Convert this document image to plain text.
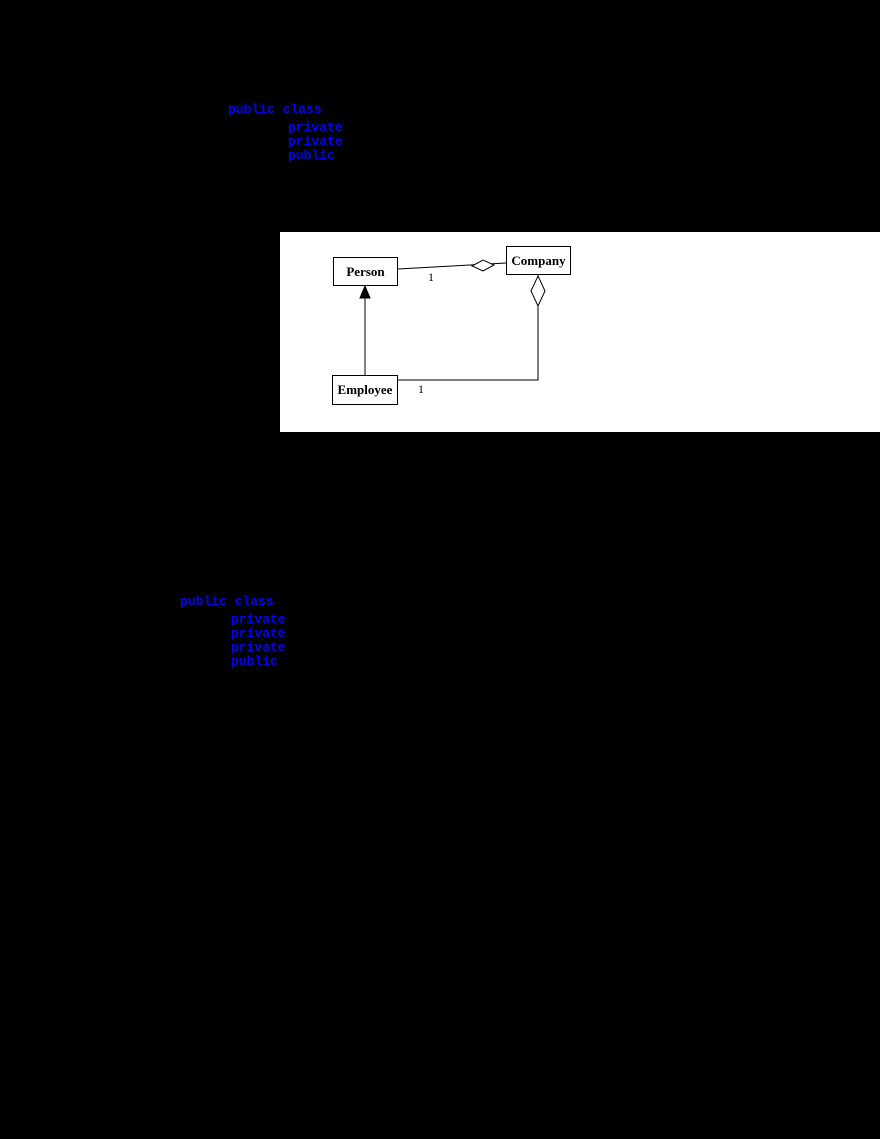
public class
private
private
public
Person
Company
Employee
1
1
public class
private
private
private
public
